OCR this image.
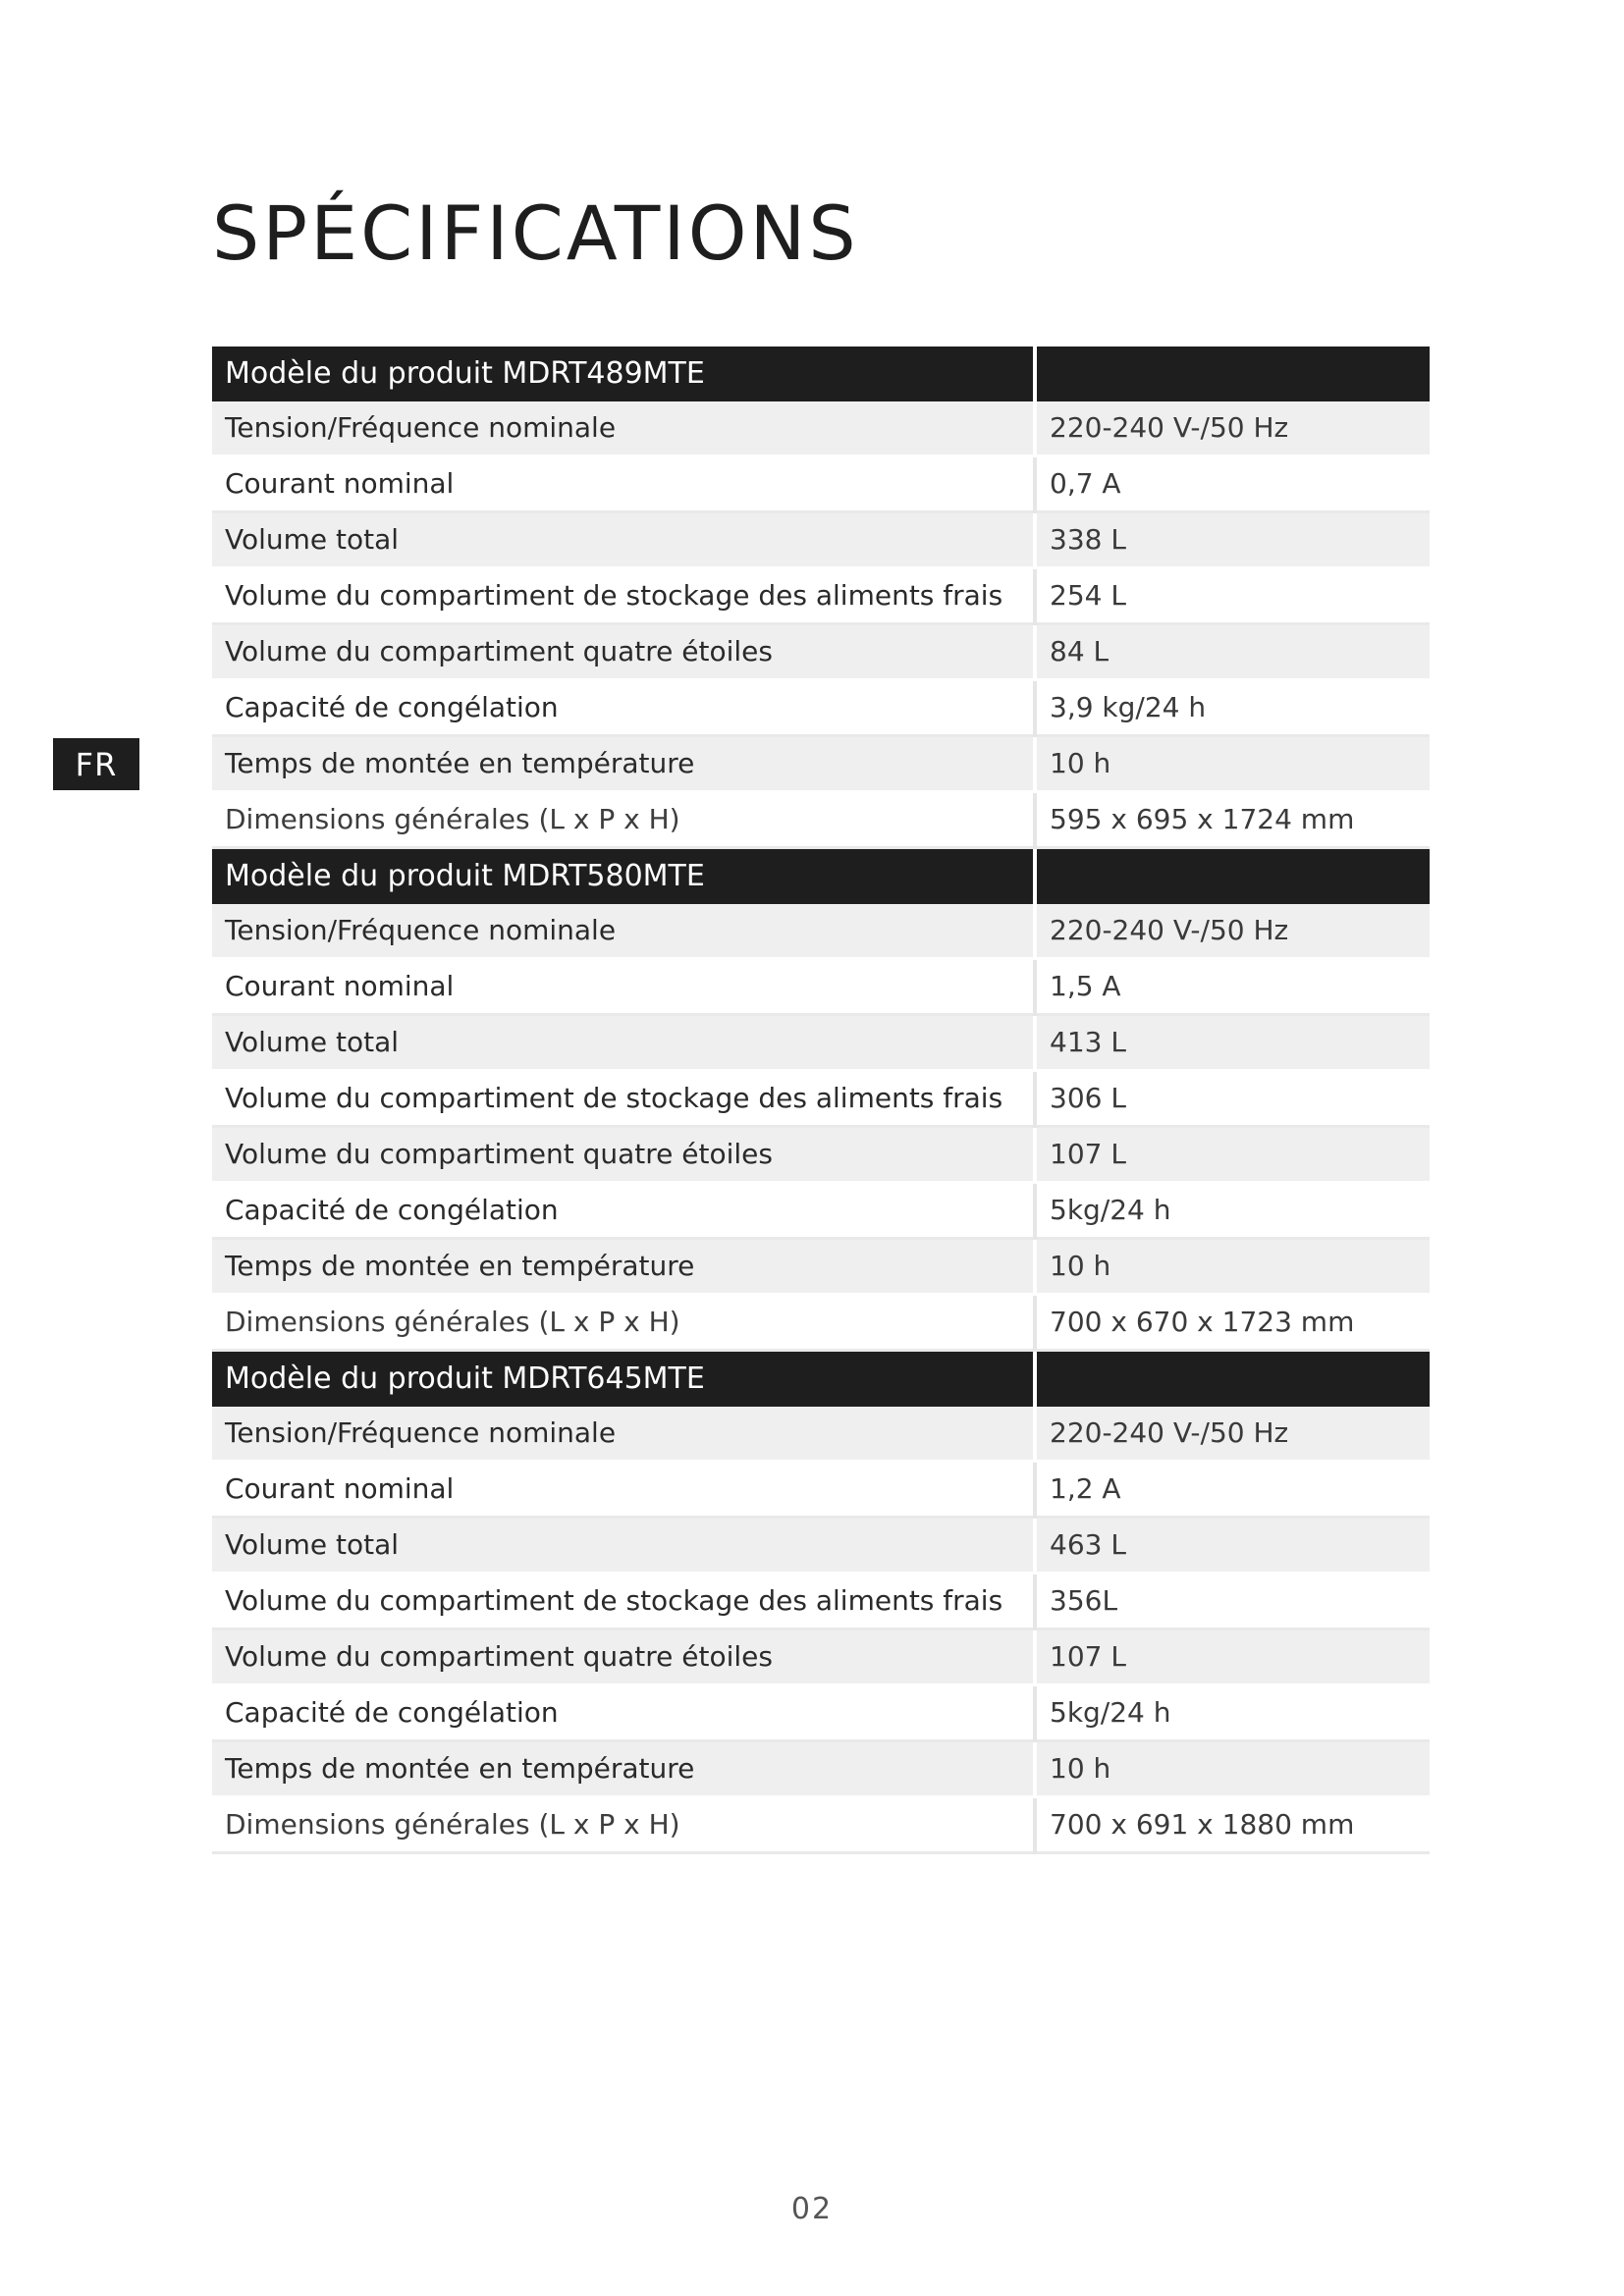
SPÉCIFICATIONS
FR
Modèle du produit MDRT489MTE	
Tension/Fréquence nominale	220-240 V-/50 Hz
Courant nominal	0,7 A
Volume total	338 L
Volume du compartiment de stockage des aliments frais	254 L
Volume du compartiment quatre étoiles	84 L
Capacité de congélation	3,9 kg/24 h
Temps de montée en température	10 h
Dimensions générales (L x P x H)	595 x 695 x 1724 mm
Modèle du produit MDRT580MTE	
Tension/Fréquence nominale	220-240 V-/50 Hz
Courant nominal	1,5 A
Volume total	413 L
Volume du compartiment de stockage des aliments frais	306 L
Volume du compartiment quatre étoiles	107 L
Capacité de congélation	5kg/24 h
Temps de montée en température	10 h
Dimensions générales (L x P x H)	700 x 670 x 1723 mm
Modèle du produit MDRT645MTE	
Tension/Fréquence nominale	220-240 V-/50 Hz
Courant nominal	1,2 A
Volume total	463 L
Volume du compartiment de stockage des aliments frais	356L
Volume du compartiment quatre étoiles	107 L
Capacité de congélation	5kg/24 h
Temps de montée en température	10 h
Dimensions générales (L x P x H)	700 x 691 x 1880 mm
02
